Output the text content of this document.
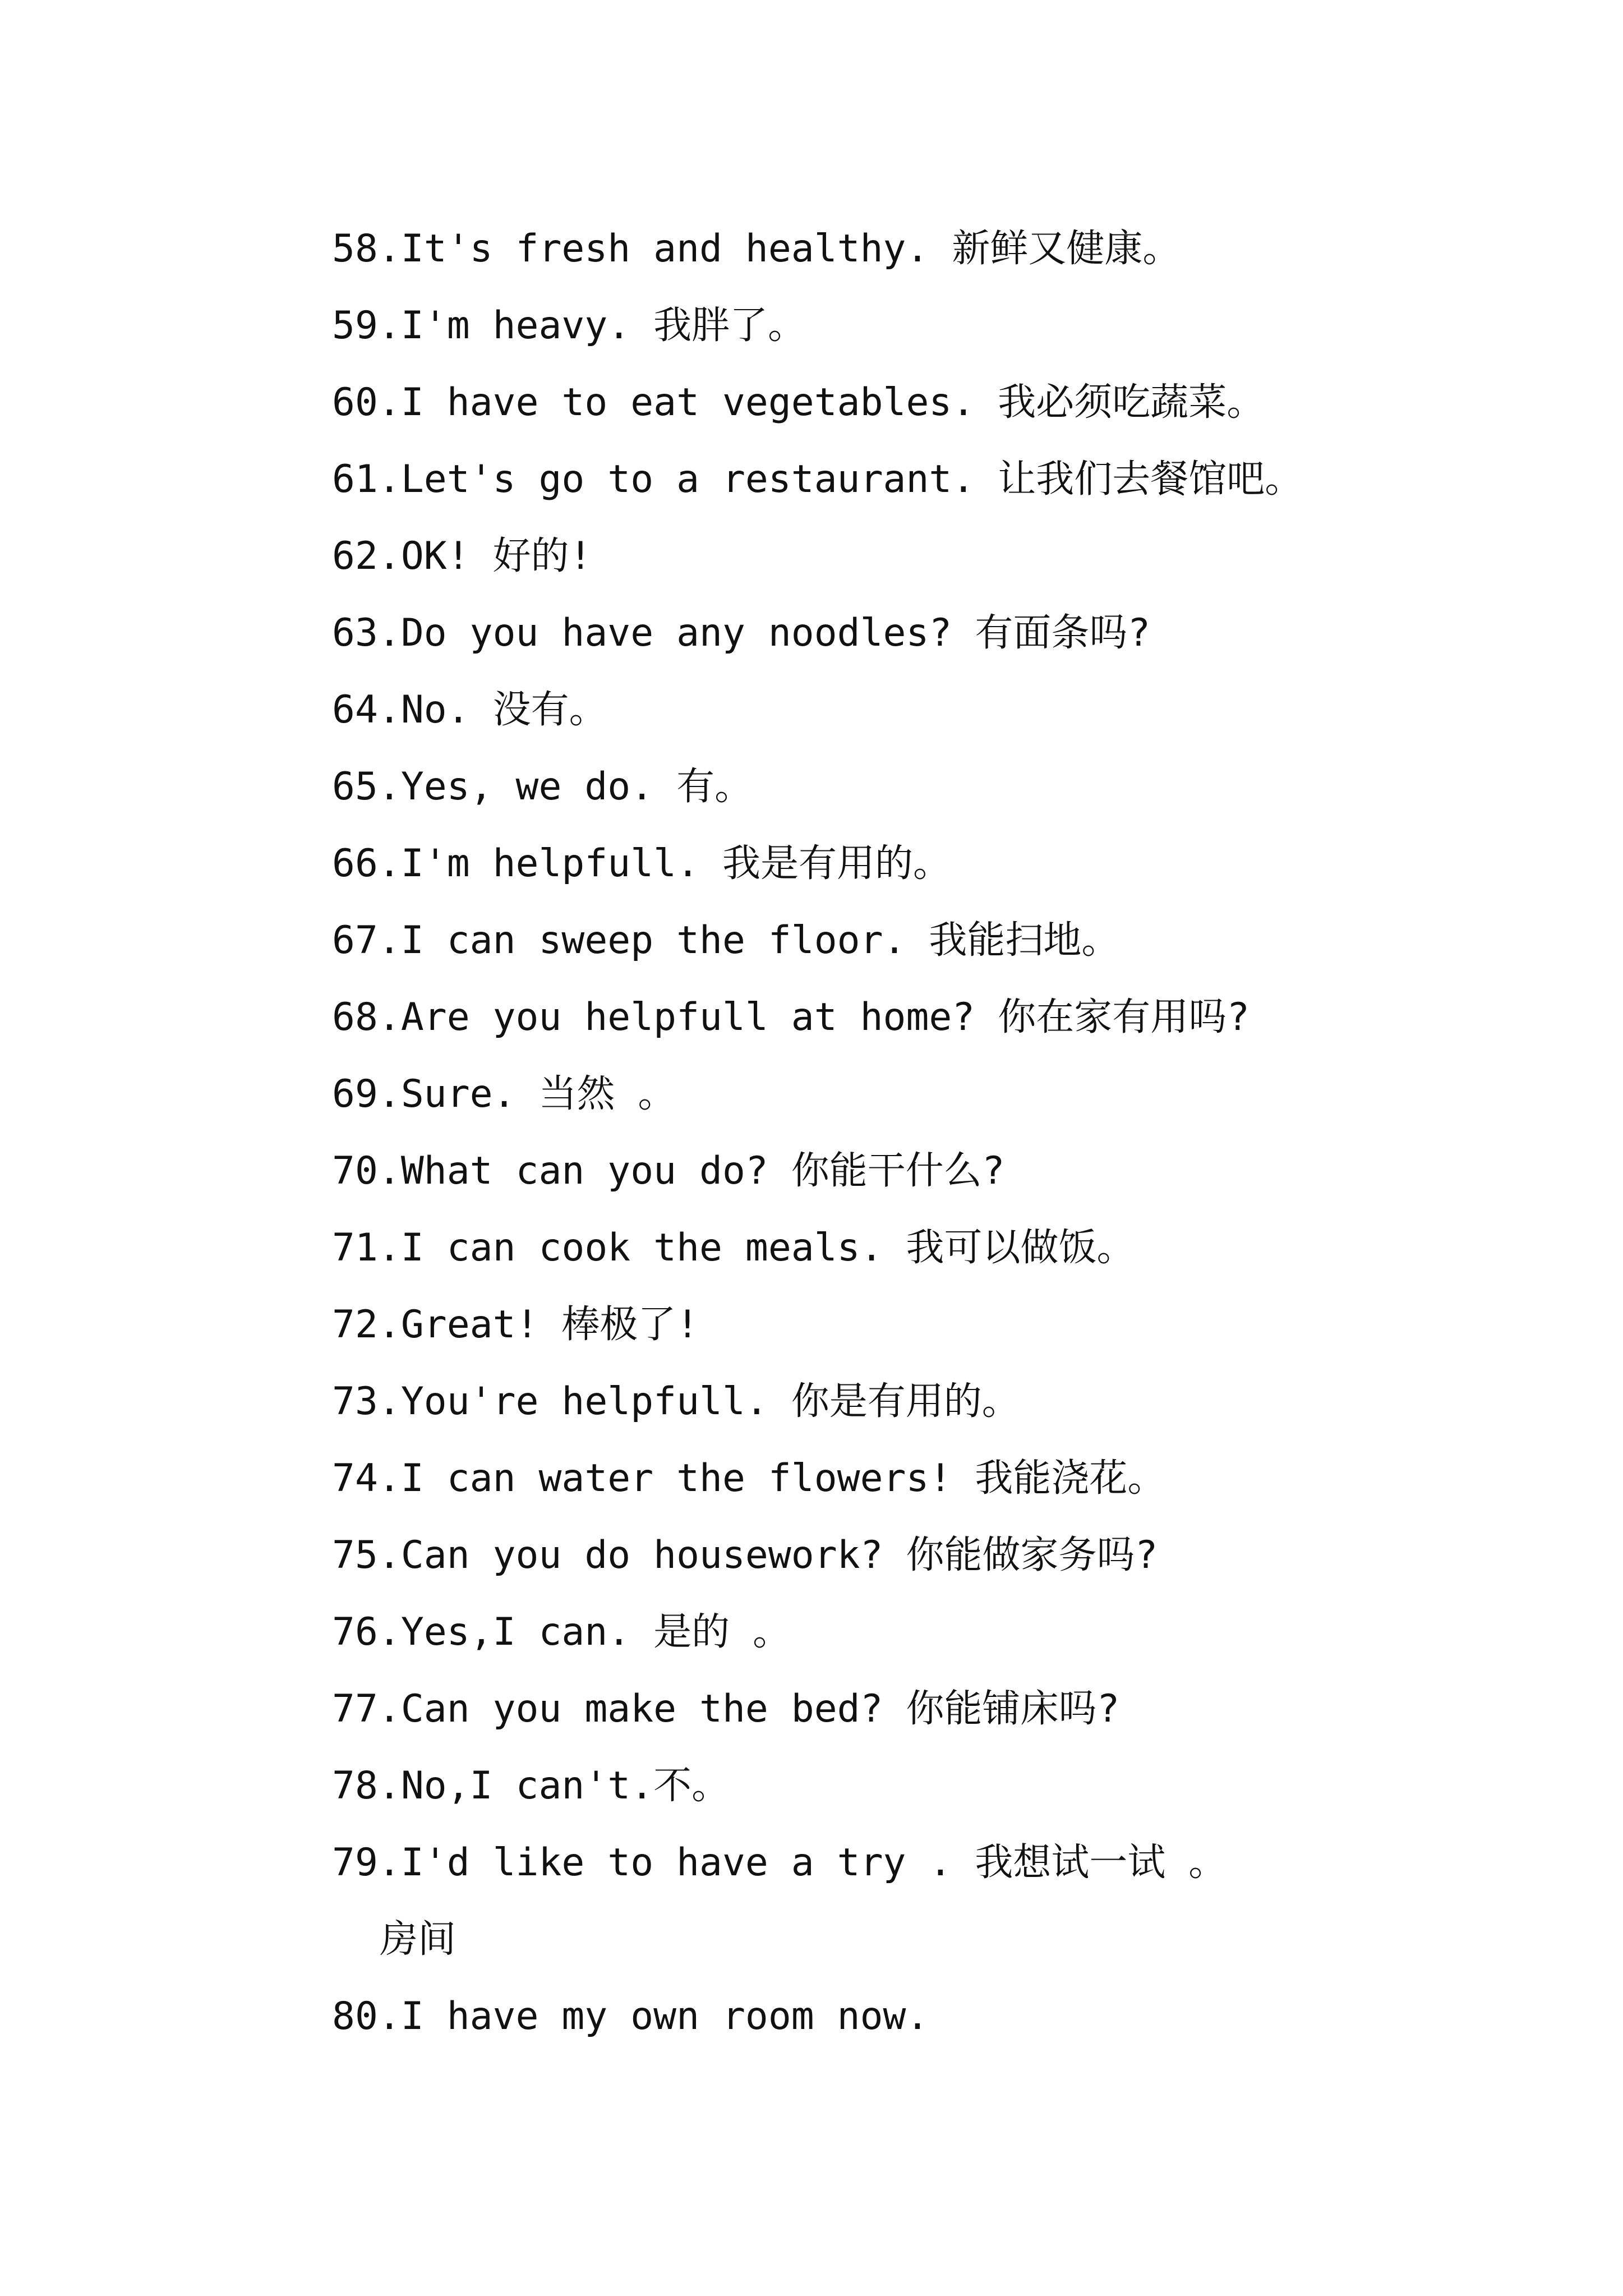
58.It's fresh and healthy. 新鲜又健康。
59.I'm heavy. 我胖了。
60.I have to eat vegetables. 我必须吃蔬菜。
61.Let's go to a restaurant. 让我们去餐馆吧。
62.OK! 好的!
63.Do you have any noodles? 有面条吗?
64.No. 没有。
65.Yes, we do. 有。
66.I'm helpfull. 我是有用的。
67.I can sweep the floor. 我能扫地。
68.Are you helpfull at home? 你在家有用吗?
69.Sure. 当然 。
70.What can you do? 你能干什么?
71.I can cook the meals. 我可以做饭。
72.Great! 棒极了!
73.You're helpfull. 你是有用的。
74.I can water the flowers! 我能浇花。
75.Can you do housework? 你能做家务吗?
76.Yes,I can. 是的 。
77.Can you make the bed? 你能铺床吗?
78.No,I can't.不。
79.I'd like to have a try . 我想试一试 。
房间
80.I have my own room now.
